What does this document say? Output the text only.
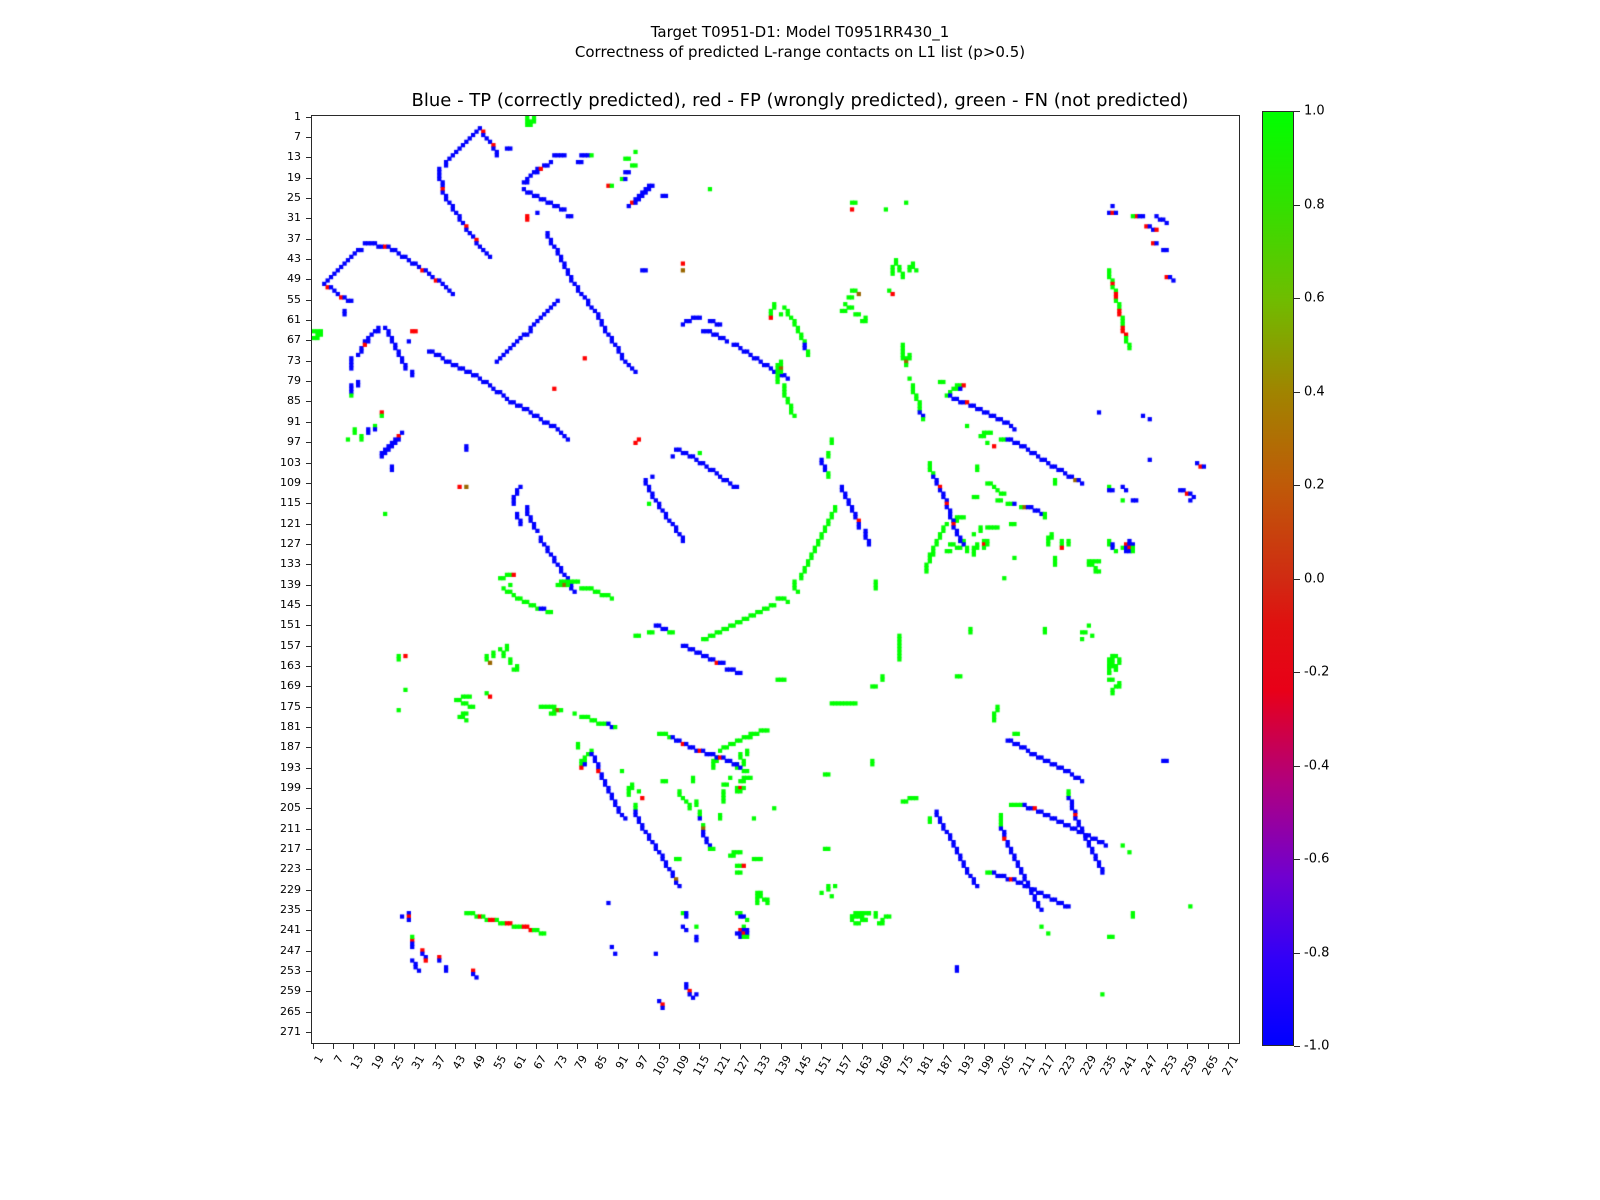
Target T0951-D1: Model T0951RR430_1
Correctness of predicted L-range contacts on L1 list (p>0.5)
Blue - TP (correctly predicted), red - FP (wrongly predicted), green - FN (not predicted)
1
7
13
19
25
31
37
43
49
55
61
67
73
79
85
91
97
103
109
115
121
127
133
139
145
151
157
163
169
175
181
187
193
199
205
211
217
223
229
235
241
247
253
259
265
271
1 7 13 19 25 31 37 43 49 55 61 67 73 79 85 91 97
103
109
115
121
127
133
139
145
151
157
163
169
175
181
187
193
199
205
211
217
223
229
235
241
247
253
259
265
271
1.0
0.8
0.6
0.4
0.2
0.0
-0.2
-0.4
-0.6
-0.8
-1.0
